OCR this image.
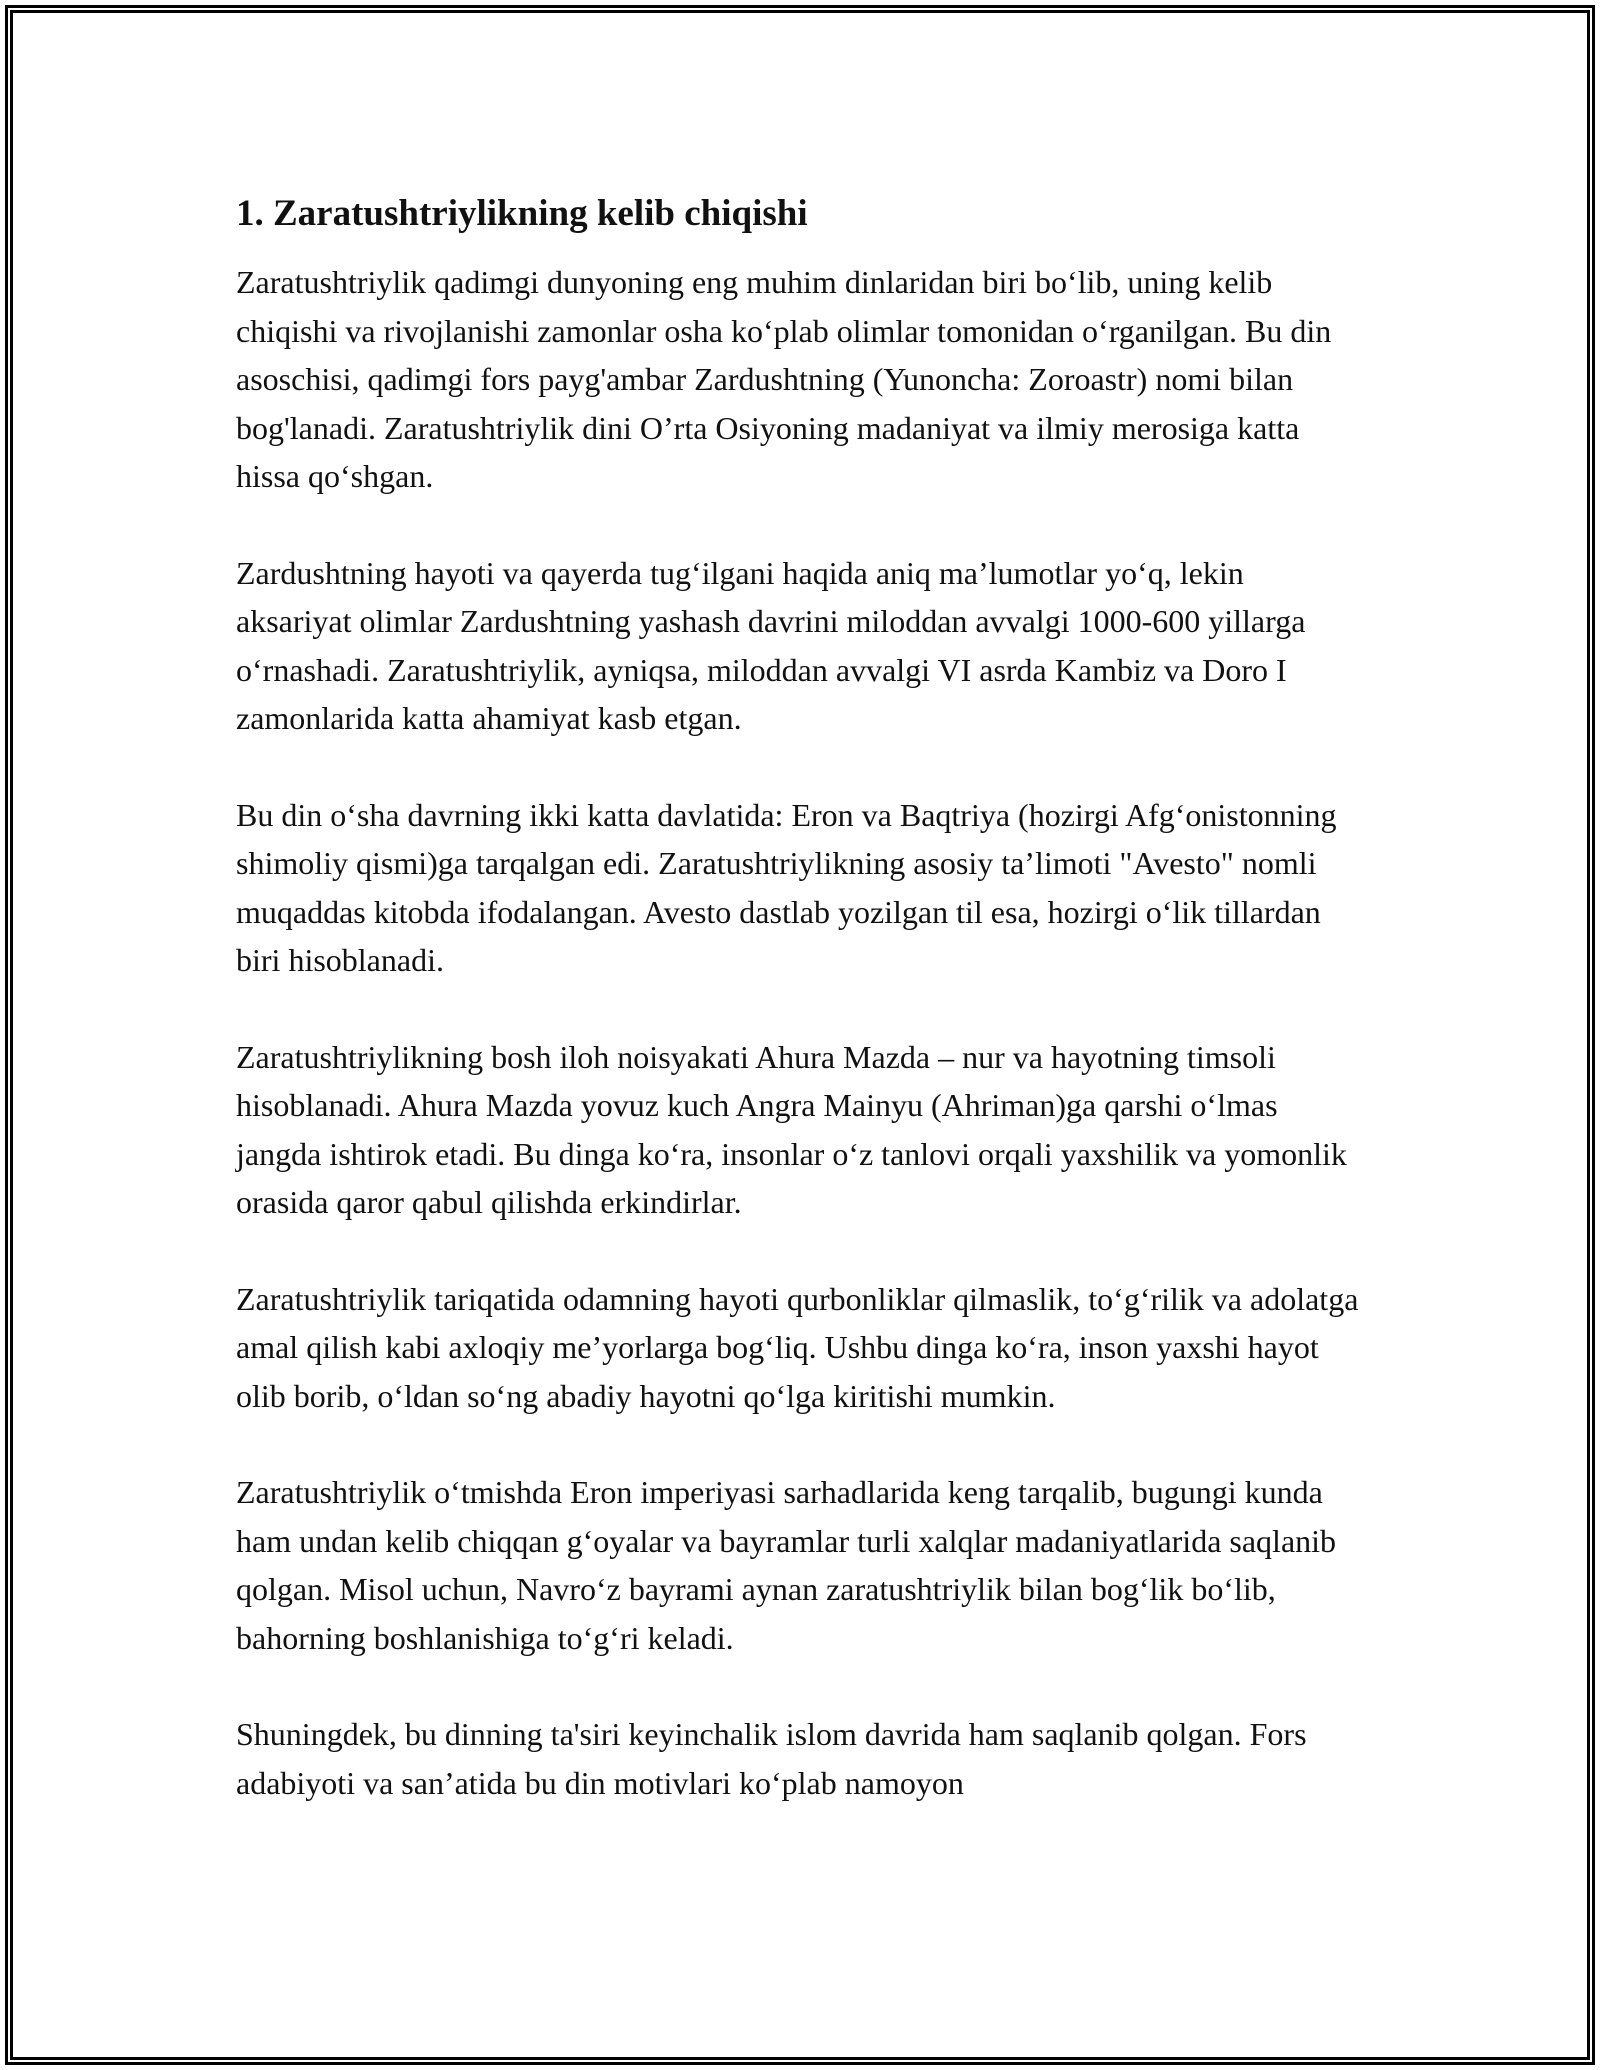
1. Zaratushtriylikning kelib chiqishi

Zaratushtriylik qadimgi dunyoning eng muhim dinlaridan biri bo‘lib, uning kelib chiqishi va rivojlanishi zamonlar osha ko‘plab olimlar tomonidan o‘rganilgan. Bu din asoschisi, qadimgi fors payg'ambar Zardushtning (Yunoncha: Zoroastr) nomi bilan bog'lanadi. Zaratushtriylik dini O’rta Osiyoning madaniyat va ilmiy merosiga katta hissa qo‘shgan.

Zardushtning hayoti va qayerda tug‘ilgani haqida aniq ma’lumotlar yo‘q, lekin aksariyat olimlar Zardushtning yashash davrini miloddan avvalgi 1000-600 yillarga o‘rnashadi. Zaratushtriylik, ayniqsa, miloddan avvalgi VI asrda Kambiz va Doro I zamonlarida katta ahamiyat kasb etgan.

Bu din o‘sha davrning ikki katta davlatida: Eron va Baqtriya (hozirgi Afg‘onistonning shimoliy qismi)ga tarqalgan edi. Zaratushtriylikning asosiy ta’limoti "Avesto" nomli muqaddas kitobda ifodalangan. Avesto dastlab yozilgan til esa, hozirgi o‘lik tillardan biri hisoblanadi.

Zaratushtriylikning bosh iloh noisyakati Ahura Mazda – nur va hayotning timsoli hisoblanadi. Ahura Mazda yovuz kuch Angra Mainyu (Ahriman)ga qarshi o‘lmas jangda ishtirok etadi. Bu dinga ko‘ra, insonlar o‘z tanlovi orqali yaxshilik va yomonlik orasida qaror qabul qilishda erkindirlar.

Zaratushtriylik tariqatida odamning hayoti qurbonliklar qilmaslik, to‘g‘rilik va adolatga amal qilish kabi axloqiy me’yorlarga bog‘liq. Ushbu dinga ko‘ra, inson yaxshi hayot olib borib, o‘ldan so‘ng abadiy hayotni qo‘lga kiritishi mumkin.

Zaratushtriylik o‘tmishda Eron imperiyasi sarhadlarida keng tarqalib, bugungi kunda ham undan kelib chiqqan g‘oyalar va bayramlar turli xalqlar madaniyatlarida saqlanib qolgan. Misol uchun, Navro‘z bayrami aynan zaratushtriylik bilan bog‘lik bo‘lib, bahorning boshlanishiga to‘g‘ri keladi.

Shuningdek, bu dinning ta'siri keyinchalik islom davrida ham saqlanib qolgan. Fors adabiyoti va san’atida bu din motivlari ko‘plab namoyon
